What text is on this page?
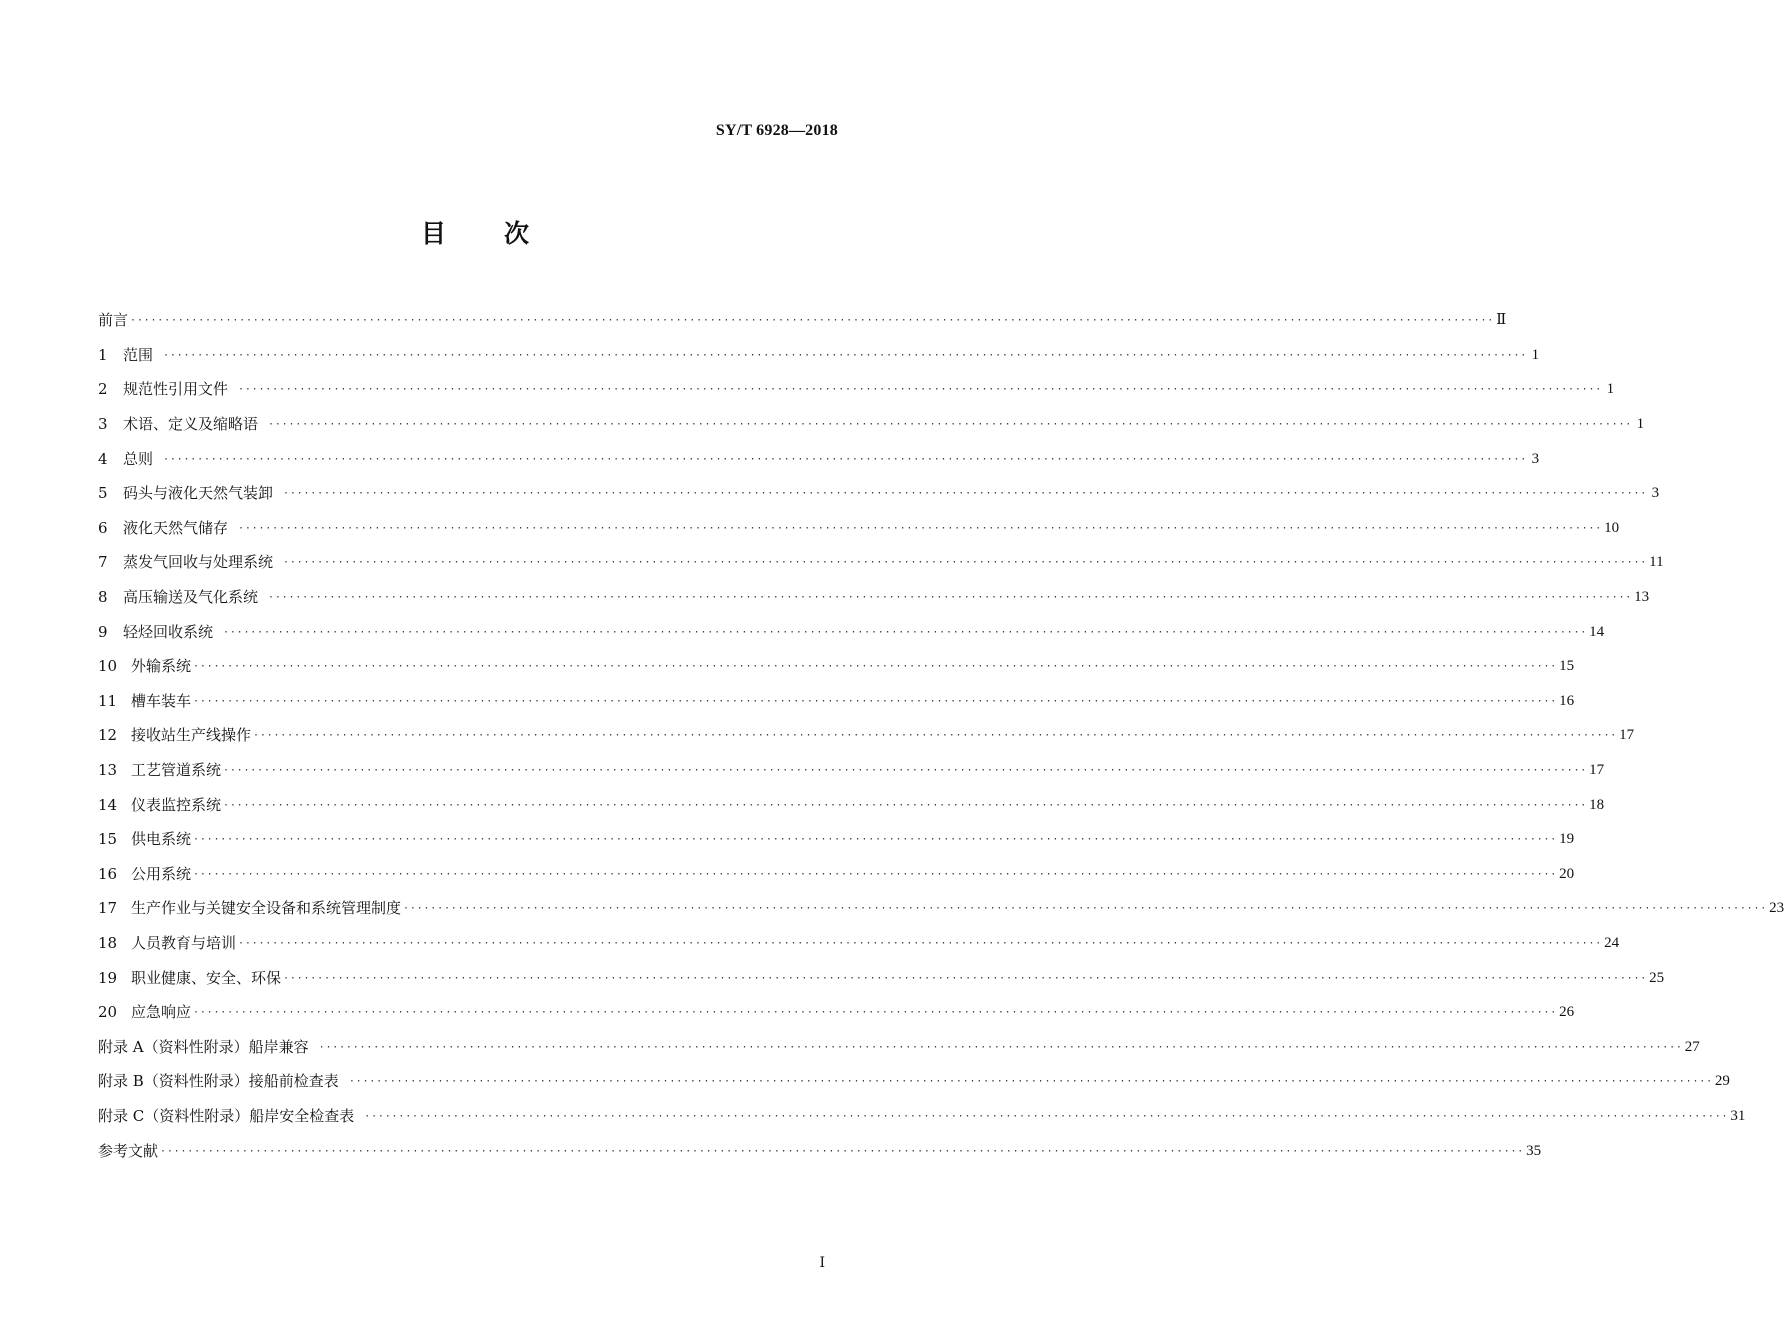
SY/T 6928—2018
目次
前言 ········································································································································································································ Ⅱ
1	范围	········································································································································································································ 1
2	规范性引用文件	········································································································································································································ 1
3	术语、定义及缩略语	········································································································································································································ 1
4	总则	········································································································································································································ 3
5	码头与液化天然气装卸	········································································································································································································ 3
6	液化天然气储存	········································································································································································································ 10
7	蒸发气回收与处理系统	········································································································································································································ 11
8	高压输送及气化系统	········································································································································································································ 13
9	轻烃回收系统	········································································································································································································ 14
10 外输系统 ········································································································································································································ 15
11 槽车装车 ········································································································································································································ 16
12 接收站生产线操作 ········································································································································································································ 17
13 工艺管道系统 ········································································································································································································ 17
14 仪表监控系统 ········································································································································································································ 18
15 供电系统 ········································································································································································································ 19
16 公用系统 ········································································································································································································ 20
17 生产作业与关键安全设备和系统管理制度 ········································································································································································································ 23
18 人员教育与培训 ········································································································································································································ 24
19 职业健康、安全、环保 ········································································································································································································ 25
20 应急响应 ········································································································································································································ 26
附录 A（资料性附录） 船岸兼容	········································································································································································································ 27
附录 B（资料性附录） 接船前检查表	········································································································································································································ 29
附录 C（资料性附录） 船岸安全检查表	········································································································································································································ 31
参考文献 ········································································································································································································ 35
Ⅰ
